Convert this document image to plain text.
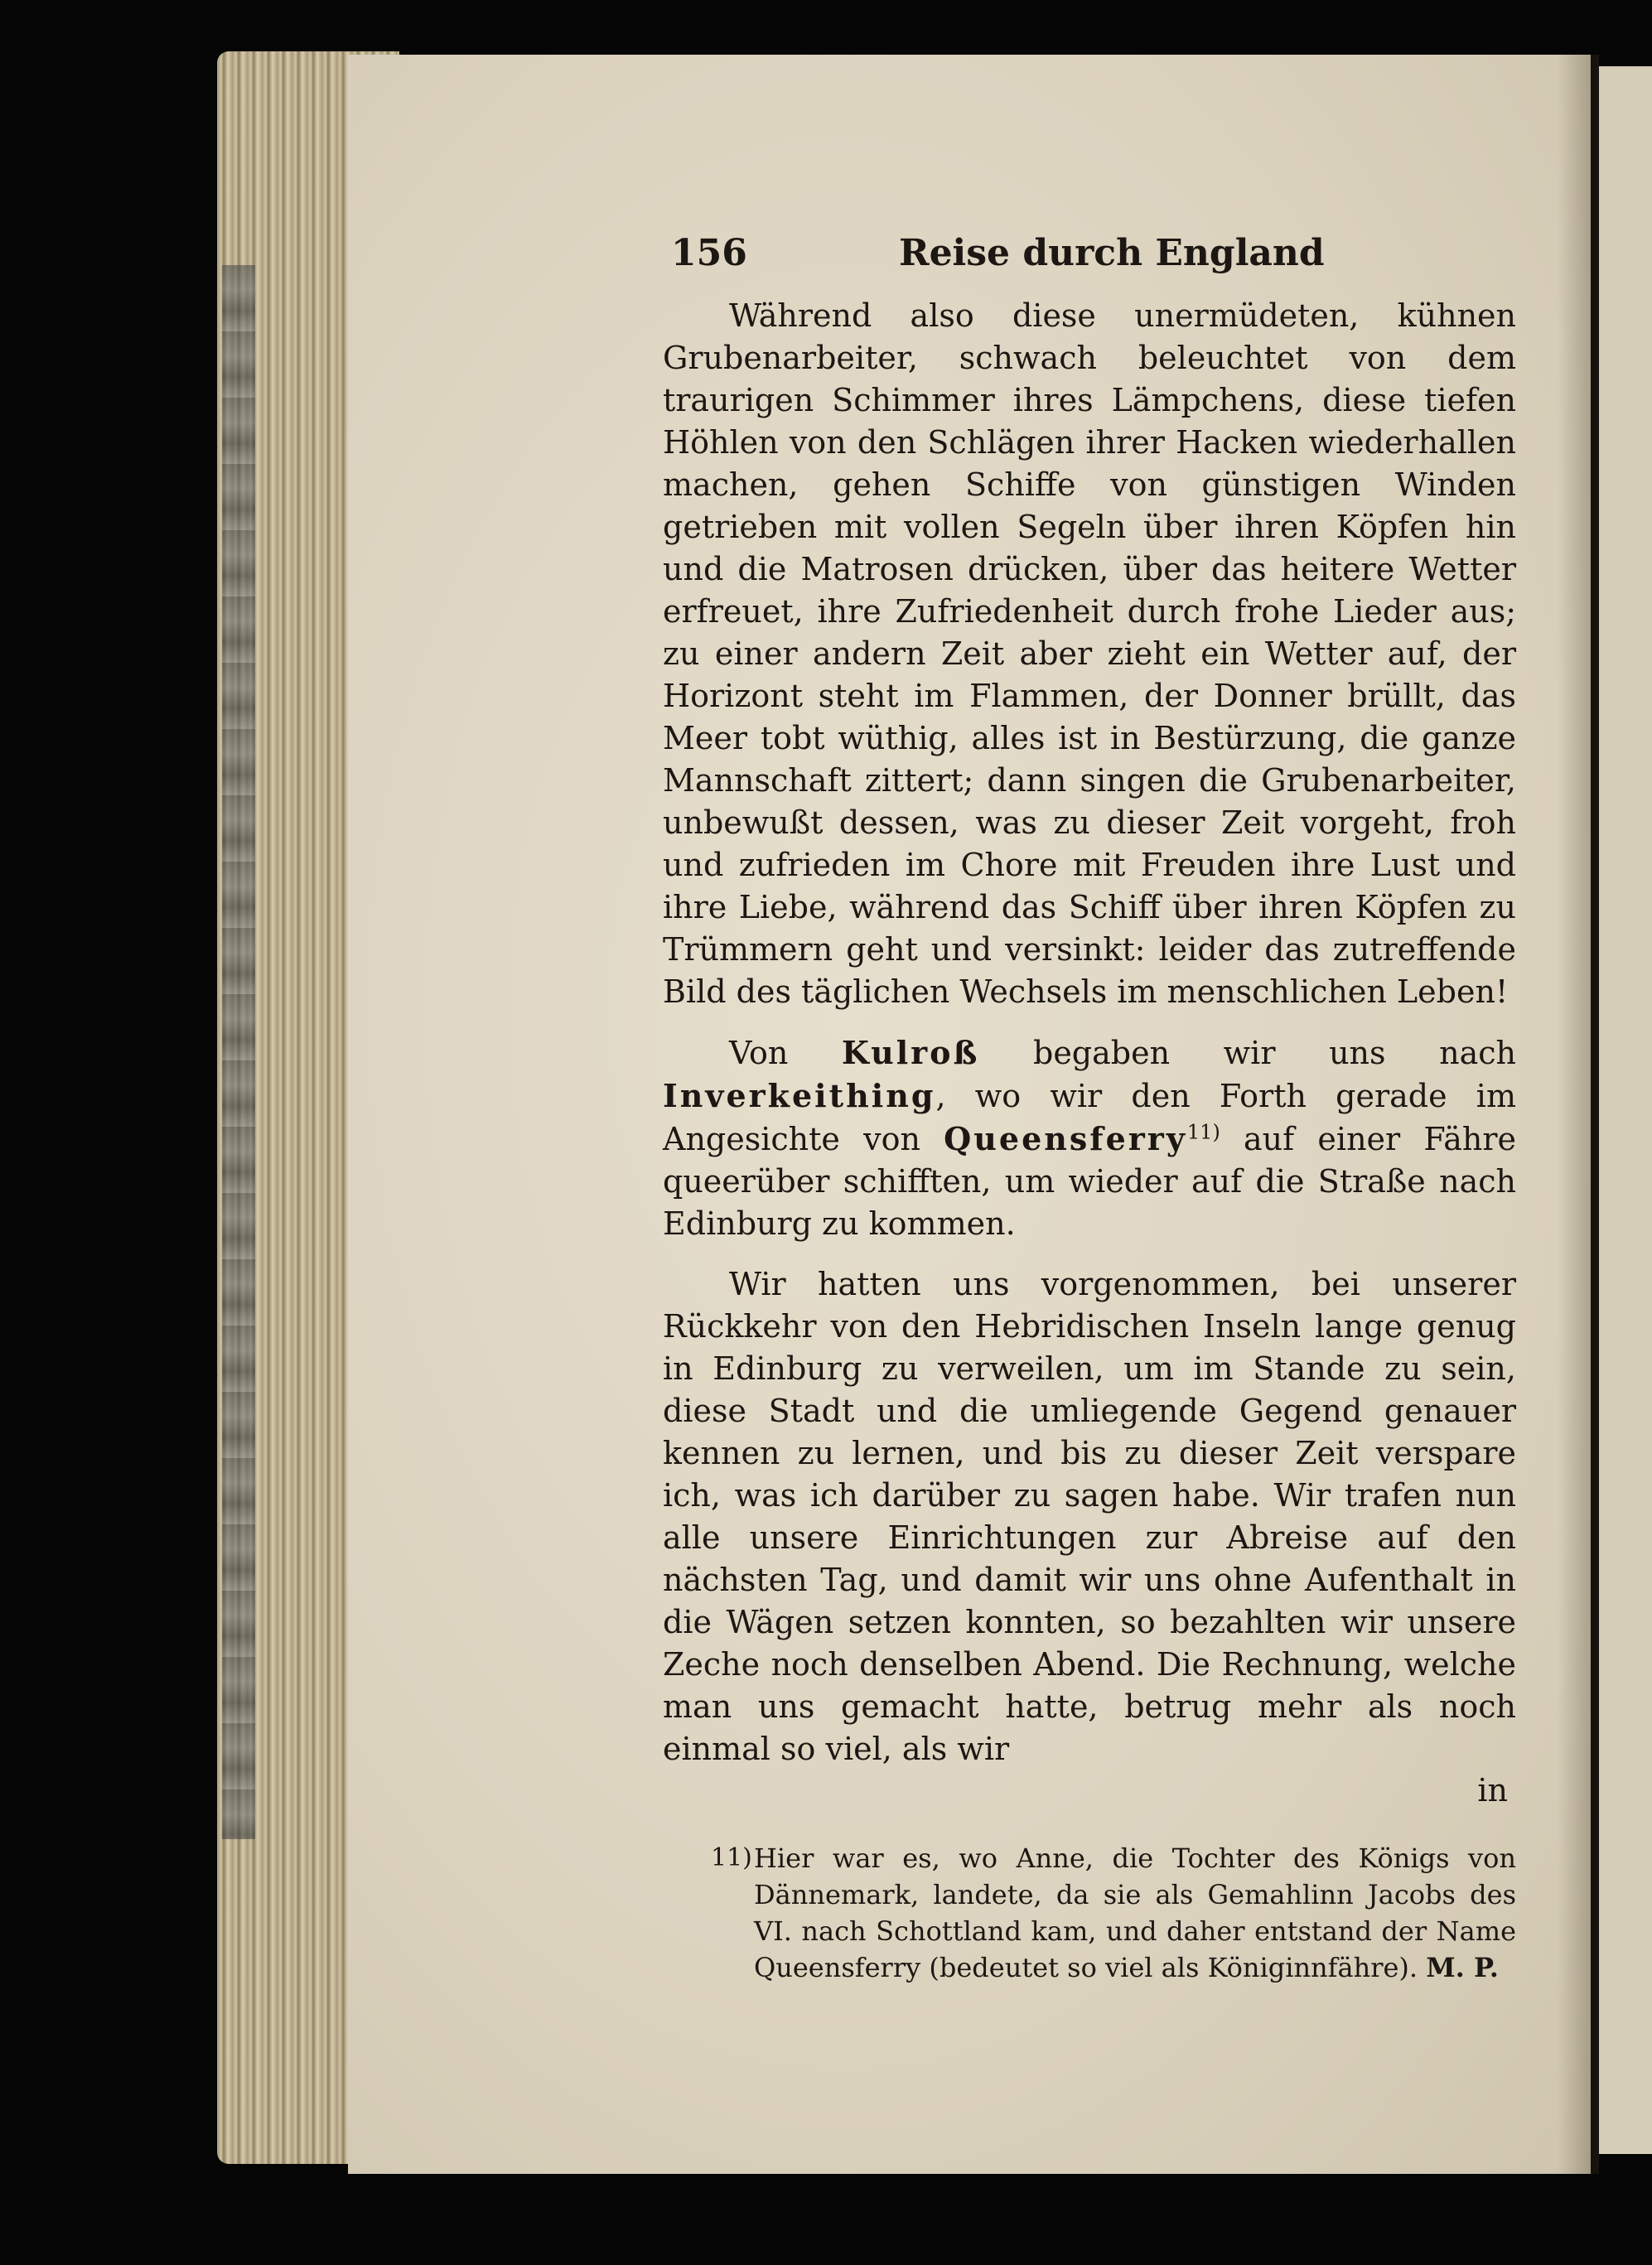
156	Reise durch England

Während also diese unermüdeten, kühnen Grubenarbeiter, schwach beleuchtet von dem traurigen Schimmer ihres Lämpchens, diese tiefen Höhlen von den Schlägen ihrer Hacken wiederhallen machen, gehen Schiffe von günstigen Winden getrieben mit vollen Segeln über ihren Köpfen hin und die Matrosen drücken, über das heitere Wetter erfreuet, ihre Zufriedenheit durch frohe Lieder aus; zu einer andern Zeit aber zieht ein Wetter auf, der Horizont steht im Flammen, der Donner brüllt, das Meer tobt wüthig, alles ist in Bestürzung, die ganze Mannschaft zittert; dann singen die Grubenarbeiter, unbewußt dessen, was zu dieser Zeit vorgeht, froh und zufrieden im Chore mit Freuden ihre Lust und ihre Liebe, während das Schiff über ihren Köpfen zu Trümmern geht und versinkt: leider das zutreffende Bild des täglichen Wechsels im menschlichen Leben!

Von Kulroß begaben wir uns nach Inverkeithing, wo wir den Forth gerade im Angesichte von Queensferry$^{11)}$ auf einer Fähre queerüber schifften, um wieder auf die Straße nach Edinburg zu kommen.

Wir hatten uns vorgenommen, bei unserer Rückkehr von den Hebridischen Inseln lange genug in Edinburg zu verweilen, um im Stande zu sein, diese Stadt und die umliegende Gegend genauer kennen zu lernen, und bis zu dieser Zeit verspare ich, was ich darüber zu sagen habe. Wir trafen nun alle unsere Einrichtungen zur Abreise auf den nächsten Tag, und damit wir uns ohne Aufenthalt in die Wägen setzen konnten, so bezahlten wir unsere Zeche noch denselben Abend. Die Rechnung, welche man uns gemacht hatte, betrug mehr als noch einmal so viel, als wir

in
11) Hier war es, wo Anne, die Tochter des Königs von Dännemark, landete, da sie als Gemahlinn Jacobs des VI. nach Schottland kam, und daher entstand der Name Queensferry (bedeutet so viel als Königinnfähre). M. P.
